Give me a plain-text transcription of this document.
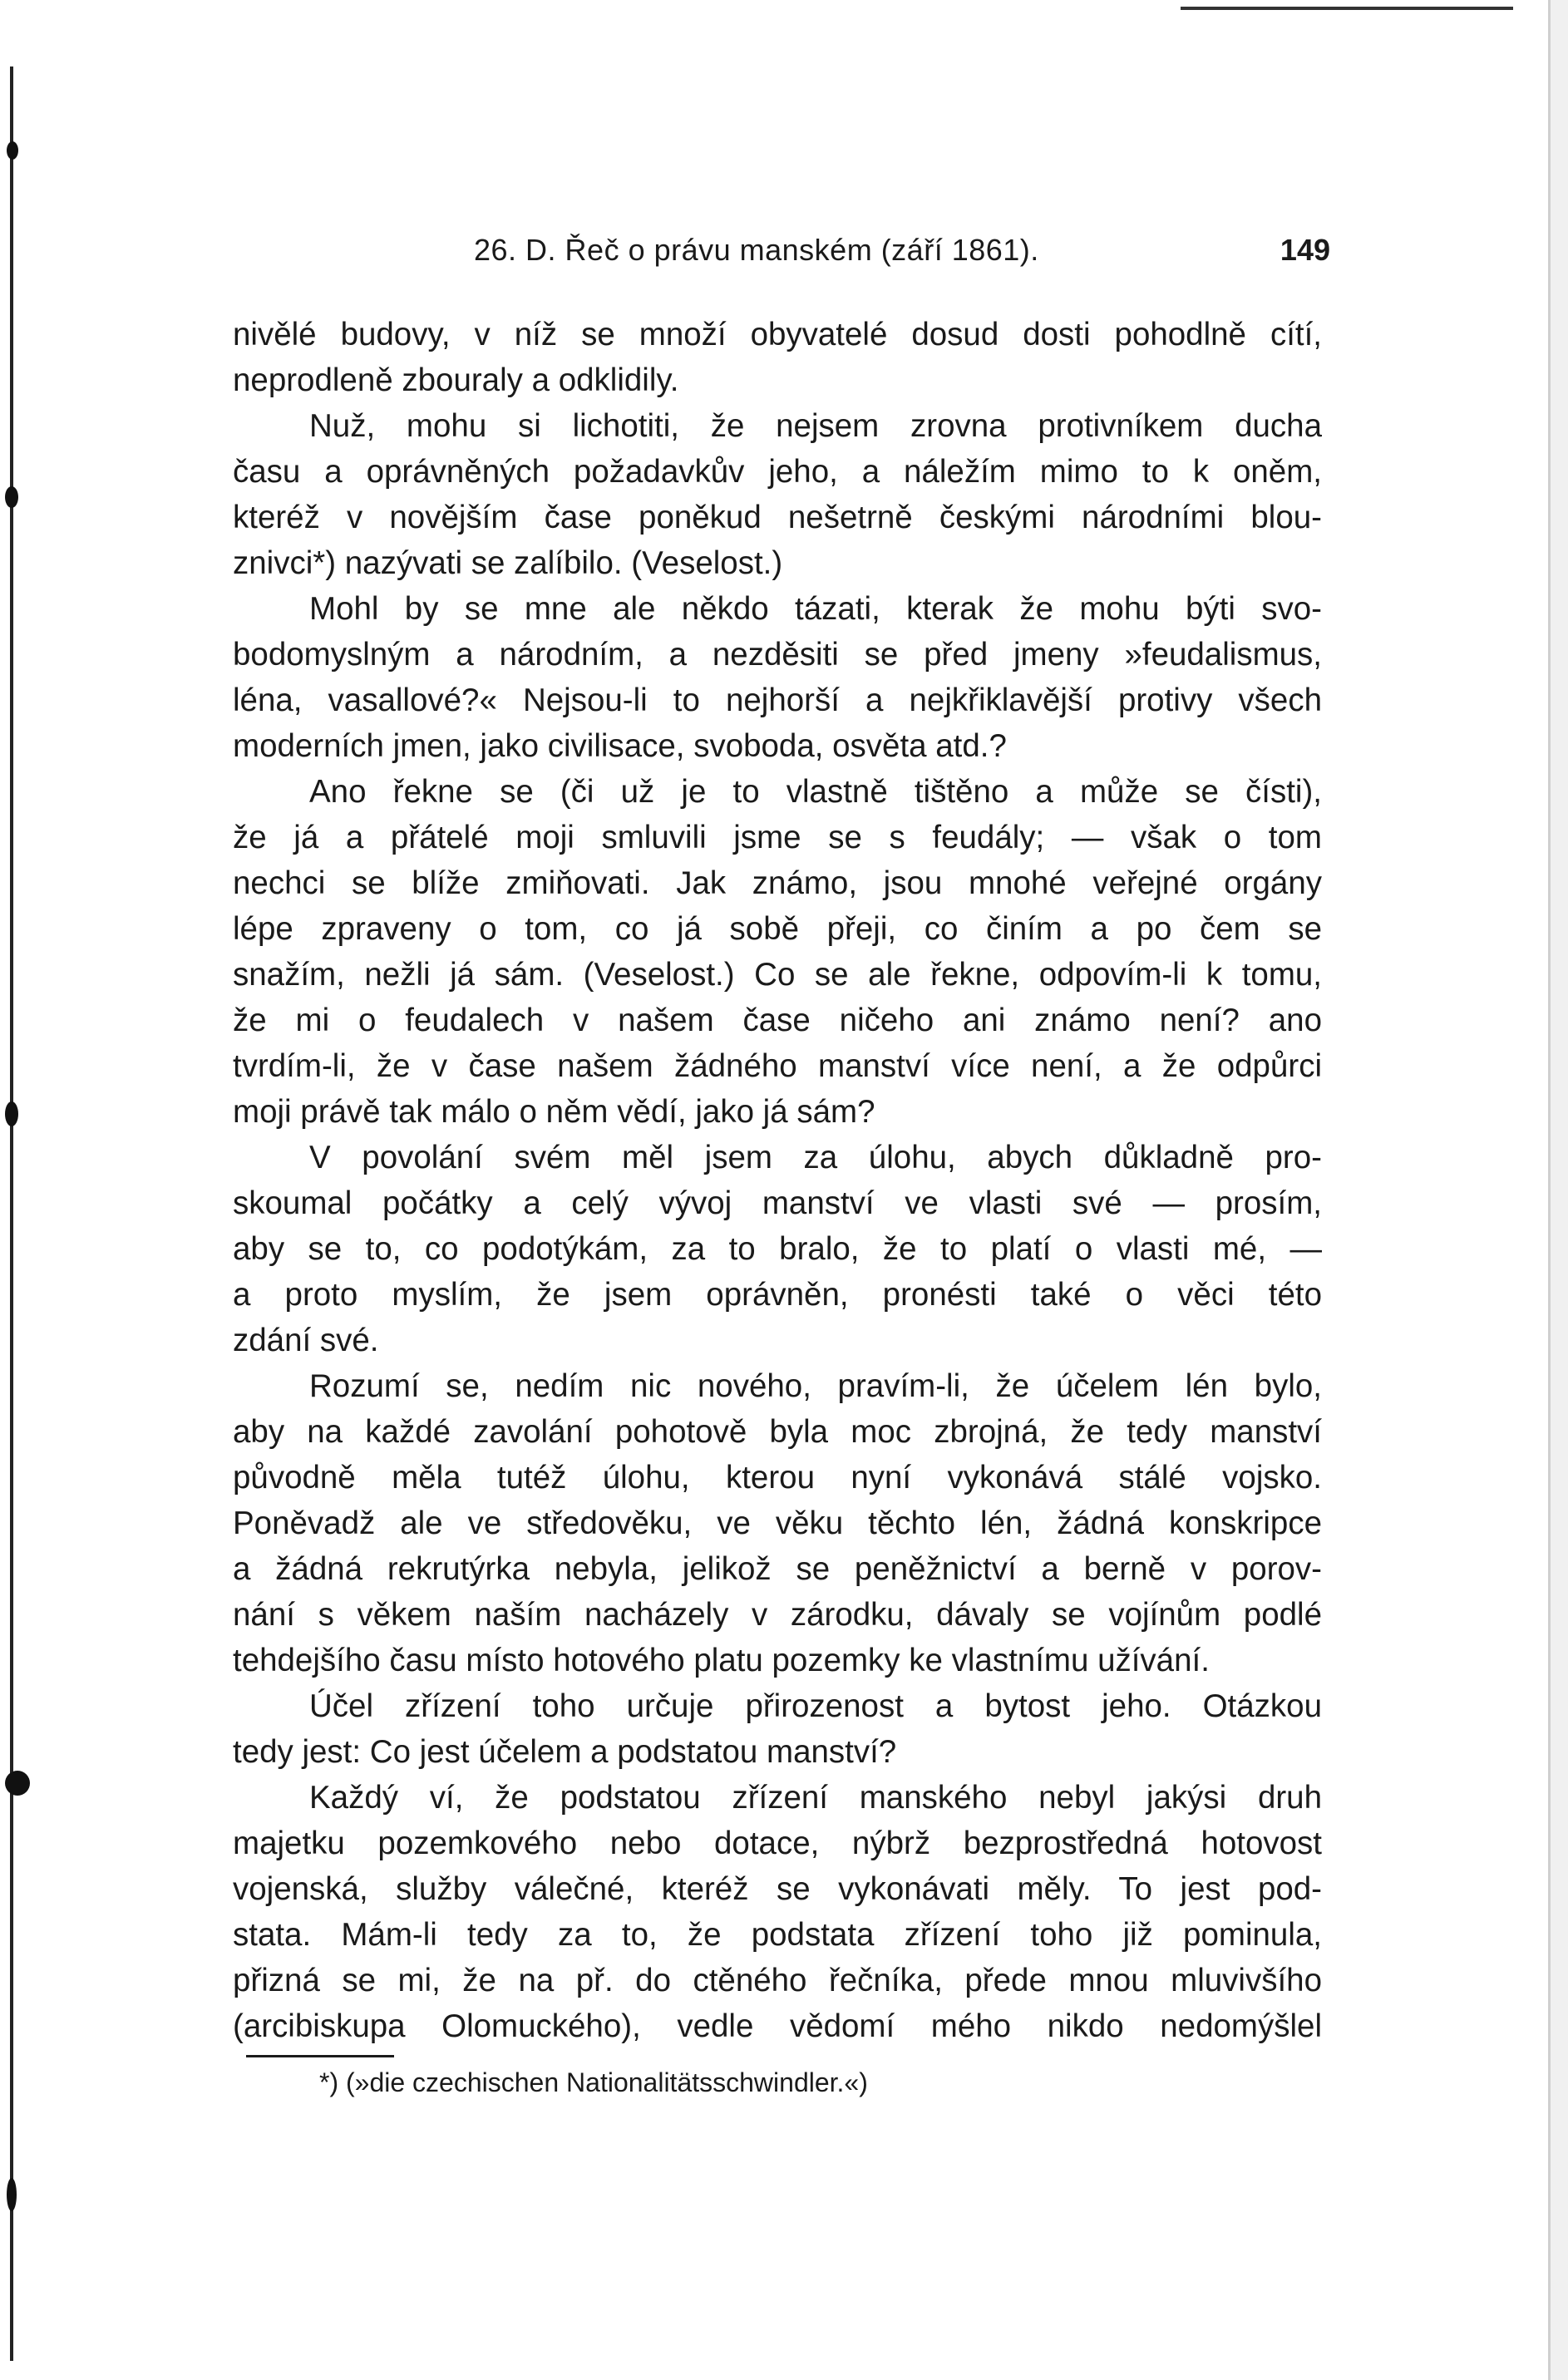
26. D. Řeč o právu manském (září 1861).	149
nivělé budovy, v níž se množí obyvatelé dosud dosti pohodlně cítí,
neprodleně zbouraly a odklidily.
Nuž, mohu si lichotiti, že nejsem zrovna protivníkem ducha
času a oprávněných požadavkův jeho, a náležím mimo to k oněm,
kteréž v novějším čase poněkud nešetrně českými národními blou-
znivci*) nazývati se zalíbilo. (Veselost.)
Mohl by se mne ale někdo tázati, kterak že mohu býti svo-
bodomyslným a národním, a nezděsiti se před jmeny »feudalismus,
léna, vasallové?« Nejsou-li to nejhorší a nejkřiklavější protivy všech
moderních jmen, jako civilisace, svoboda, osvěta atd.?
Ano řekne se (či už je to vlastně tištěno a může se čísti),
že já a přátelé moji smluvili jsme se s feudály; — však o tom
nechci se blíže zmiňovati. Jak známo, jsou mnohé veřejné orgány
lépe zpraveny o tom, co já sobě přeji, co činím a po čem se
snažím, nežli já sám. (Veselost.) Co se ale řekne, odpovím-li k tomu,
že mi o feudalech v našem čase ničeho ani známo není? ano
tvrdím-li, že v čase našem žádného manství více není, a že odpůrci
moji právě tak málo o něm vědí, jako já sám?
V povolání svém měl jsem za úlohu, abych důkladně pro-
skoumal počátky a celý vývoj manství ve vlasti své — prosím,
aby se to, co podotýkám, za to bralo, že to platí o vlasti mé, —
a proto myslím, že jsem oprávněn, pronésti také o věci této
zdání své.
Rozumí se, nedím nic nového, pravím-li, že účelem lén bylo,
aby na každé zavolání pohotově byla moc zbrojná, že tedy manství
původně měla tutéž úlohu, kterou nyní vykonává stálé vojsko.
Poněvadž ale ve středověku, ve věku těchto lén, žádná konskripce
a žádná rekrutýrka nebyla, jelikož se peněžnictví a berně v porov-
nání s věkem naším nacházely v zárodku, dávaly se vojínům podlé
tehdejšího času místo hotového platu pozemky ke vlastnímu užívání.
Účel zřízení toho určuje přirozenost a bytost jeho. Otázkou
tedy jest: Co jest účelem a podstatou manství?
Každý ví, že podstatou zřízení manského nebyl jakýsi druh
majetku pozemkového nebo dotace, nýbrž bezprostředná hotovost
vojenská, služby válečné, kteréž se vykonávati měly. To jest pod-
stata. Mám-li tedy za to, že podstata zřízení toho již pominula,
přizná se mi, že na př. do ctěného řečníka, přede mnou mluvivšího
(arcibiskupa Olomuckého), vedle vědomí mého nikdo nedomýšlel
*) (»die czechischen Nationalitätsschwindler.«)
